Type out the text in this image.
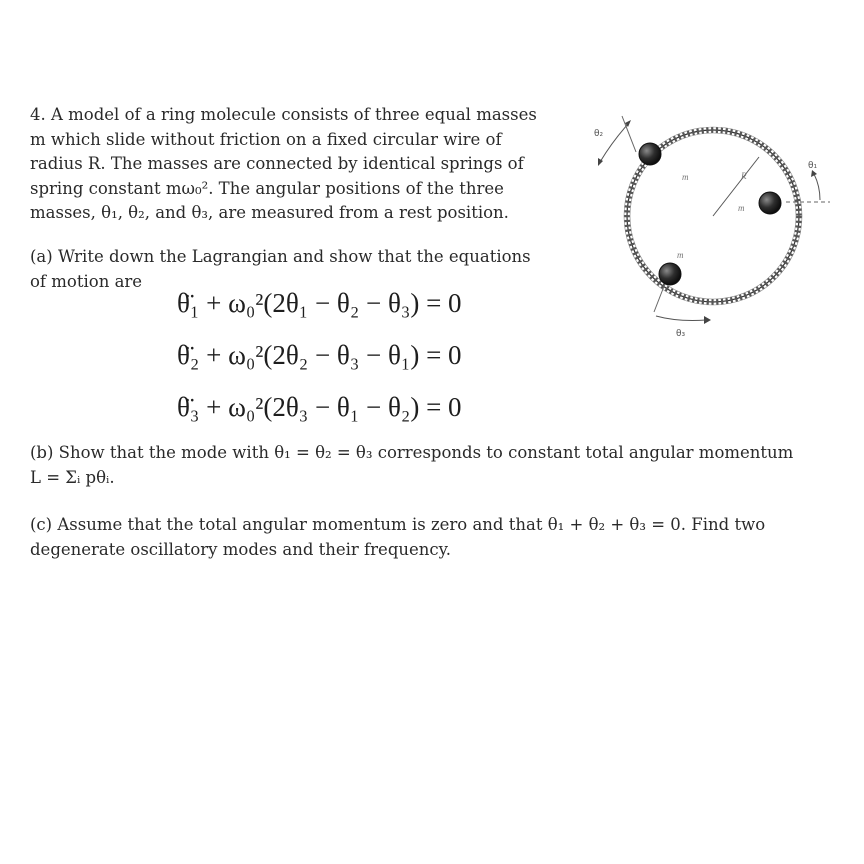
4. A model of a ring molecule consists of three equal masses
m which slide without friction on a fixed circular wire of
radius R. The masses are connected by identical springs of
spring constant mω₀². The angular positions of the three
masses, θ₁, θ₂, and θ₃, are measured from a rest position.
(a) Write down the Lagrangian and show that the equations
of motion are
θ̈₁ + ω₀²(2θ₁ − θ₂ − θ₃) = 0
θ̈₂ + ω₀²(2θ₂ − θ₃ − θ₁) = 0
θ̈₃ + ω₀²(2θ₃ − θ₁ − θ₂) = 0
(b) Show that the mode with θ₁ = θ₂ = θ₃ corresponds to constant total angular momentum
L = Σᵢ pθᵢ.
(c) Assume that the total angular momentum is zero and that θ₁ + θ₂ + θ₃ = 0. Find two
degenerate oscillatory modes and their frequency.
R
m
m
m
θ₂
θ₁
θ₃
